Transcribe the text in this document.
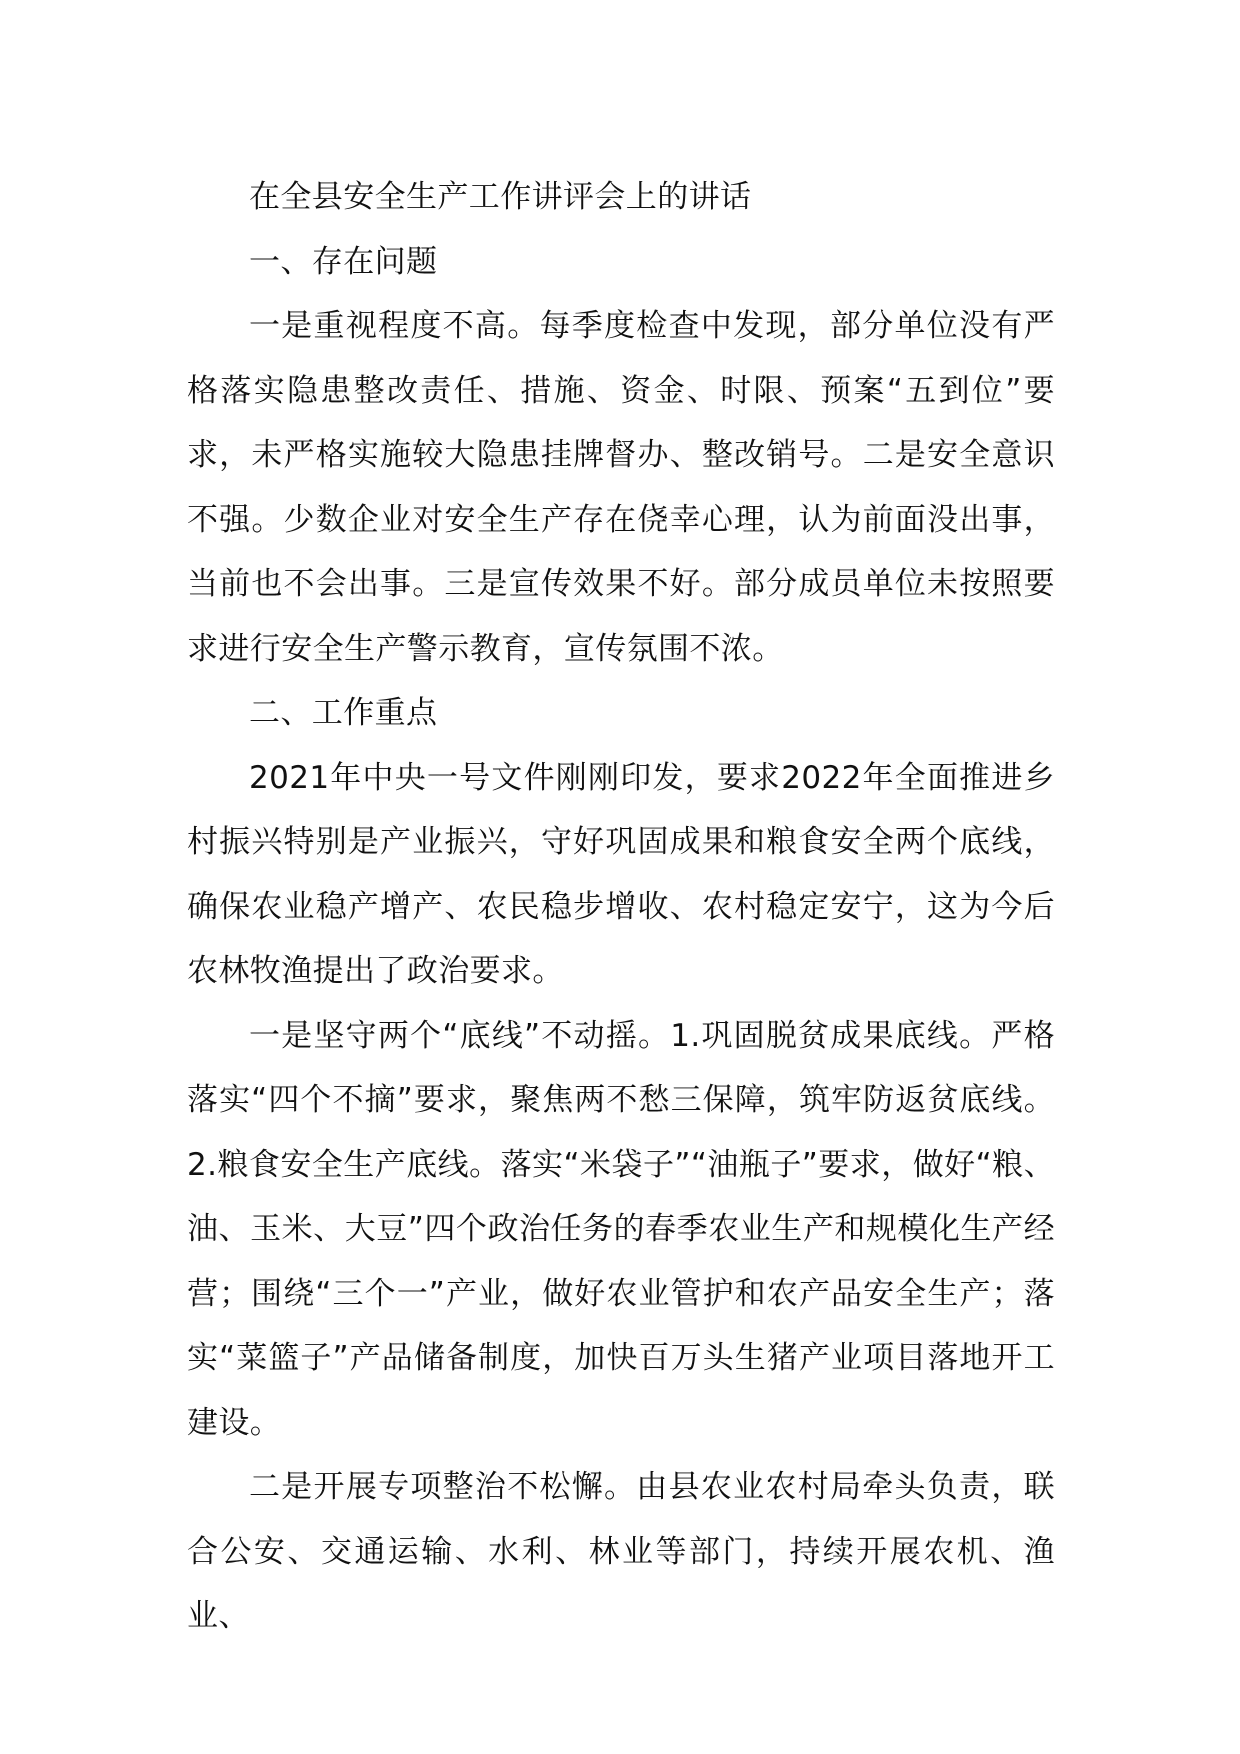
在全县安全生产工作讲评会上的讲话

一、存在问题

一是重视程度不高。每季度检查中发现，部分单位没有严格落实隐患整改责任、措施、资金、时限、预案“五到位”要求，未严格实施较大隐患挂牌督办、整改销号。二是安全意识不强。少数企业对安全生产存在侥幸心理，认为前面没出事，当前也不会出事。三是宣传效果不好。部分成员单位未按照要求进行安全生产警示教育，宣传氛围不浓。

二、工作重点

2021年中央一号文件刚刚印发，要求2022年全面推进乡村振兴特别是产业振兴，守好巩固成果和粮食安全两个底线，确保农业稳产增产、农民稳步增收、农村稳定安宁，这为今后农林牧渔提出了政治要求。

一是坚守两个“底线”不动摇。1.巩固脱贫成果底线。严格落实“四个不摘”要求，聚焦两不愁三保障，筑牢防返贫底线。2.粮食安全生产底线。落实“米袋子”“油瓶子”要求，做好“粮、油、玉米、大豆”四个政治任务的春季农业生产和规模化生产经营；围绕“三个一”产业，做好农业管护和农产品安全生产；落实“菜篮子”产品储备制度，加快百万头生猪产业项目落地开工建设。

二是开展专项整治不松懈。由县农业农村局牵头负责，联合公安、交通运输、水利、林业等部门，持续开展农机、渔业、
